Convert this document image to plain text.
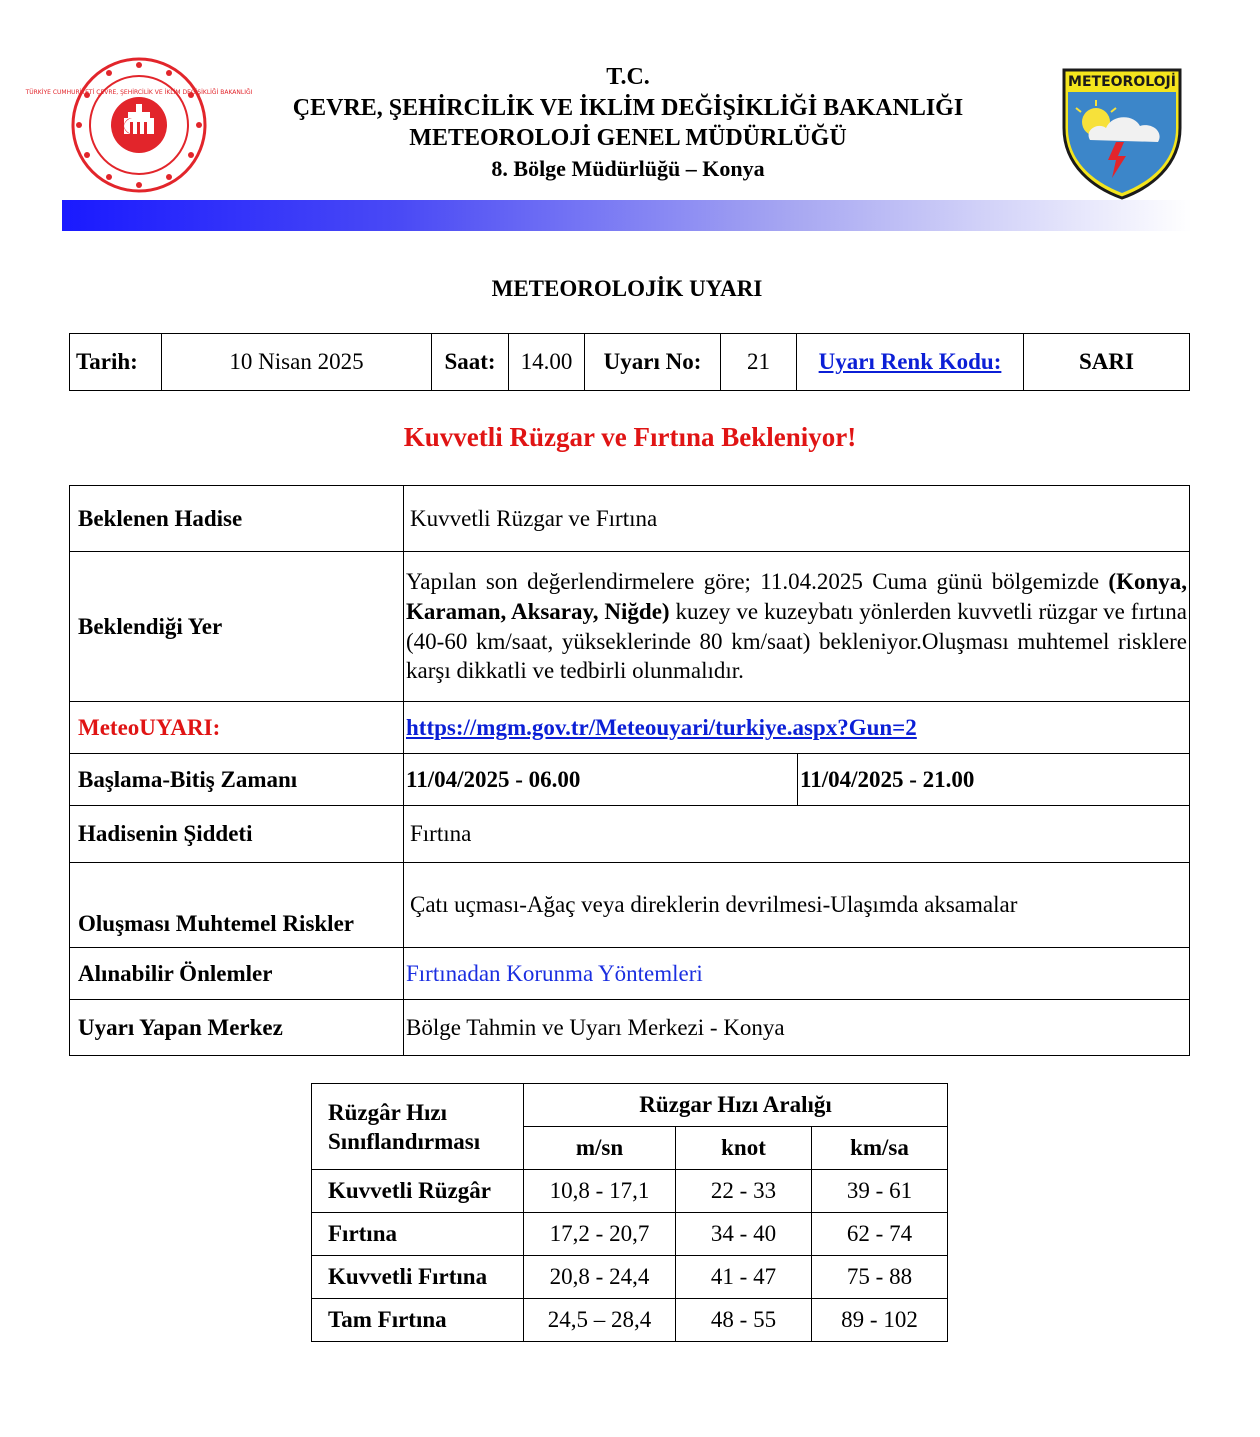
TÜRKİYE CUMHURİYETİ ÇEVRE, ŞEHİRCİLİK VE İKLİM DEĞİŞİKLİĞİ BAKANLIĞI
T.C.
ÇEVRE, ŞEHİRCİLİK VE İKLİM DEĞİŞİKLİĞİ BAKANLIĞI
METEOROLOJİ GENEL MÜDÜRLÜĞÜ
8. Bölge Müdürlüğü – Konya
METEOROLOJİ
METEOROLOJİK UYARI
Tarih:	10 Nisan 2025	Saat:	14.00	Uyarı No:	21	Uyarı Renk Kodu:	SARI
Kuvvetli Rüzgar ve Fırtına Bekleniyor!
Beklenen Hadise	Kuvvetli Rüzgar ve Fırtına	
Beklendiği Yer	Yapılan son değerlendirmelere göre; 11.04.2025 Cuma günü bölgemizde (Konya, Karaman, Aksaray, Niğde) kuzey ve kuzeybatı yönlerden kuvvetli rüzgar ve fırtına (40-60 km/saat, yükseklerinde 80 km/saat) bekleniyor.Oluşması muhtemel risklere karşı dikkatli ve tedbirli olunmalıdır.	
MeteoUYARI:	https://mgm.gov.tr/Meteouyari/turkiye.aspx?Gun=2	
Başlama-Bitiş Zamanı	11/04/2025 - 06.00	11/04/2025 - 21.00
Hadisenin Şiddeti	Fırtına	
Oluşması Muhtemel Riskler	Çatı uçması-Ağaç veya direklerin devrilmesi-Ulaşımda aksamalar	
Alınabilir Önlemler	Fırtınadan Korunma Yöntemleri	
Uyarı Yapan Merkez	Bölge Tahmin ve Uyarı Merkezi - Konya	
Rüzgâr Hızı
Sınıflandırması	Rüzgar Hızı Aralığı		
	m/sn	knot	km/sa
Kuvvetli Rüzgâr	10,8 - 17,1	22 - 33	39 - 61
Fırtına	17,2 - 20,7	34 - 40	62 - 74
Kuvvetli Fırtına	20,8 - 24,4	41 - 47	75 - 88
Tam Fırtına	24,5 – 28,4	48 - 55	89 - 102
